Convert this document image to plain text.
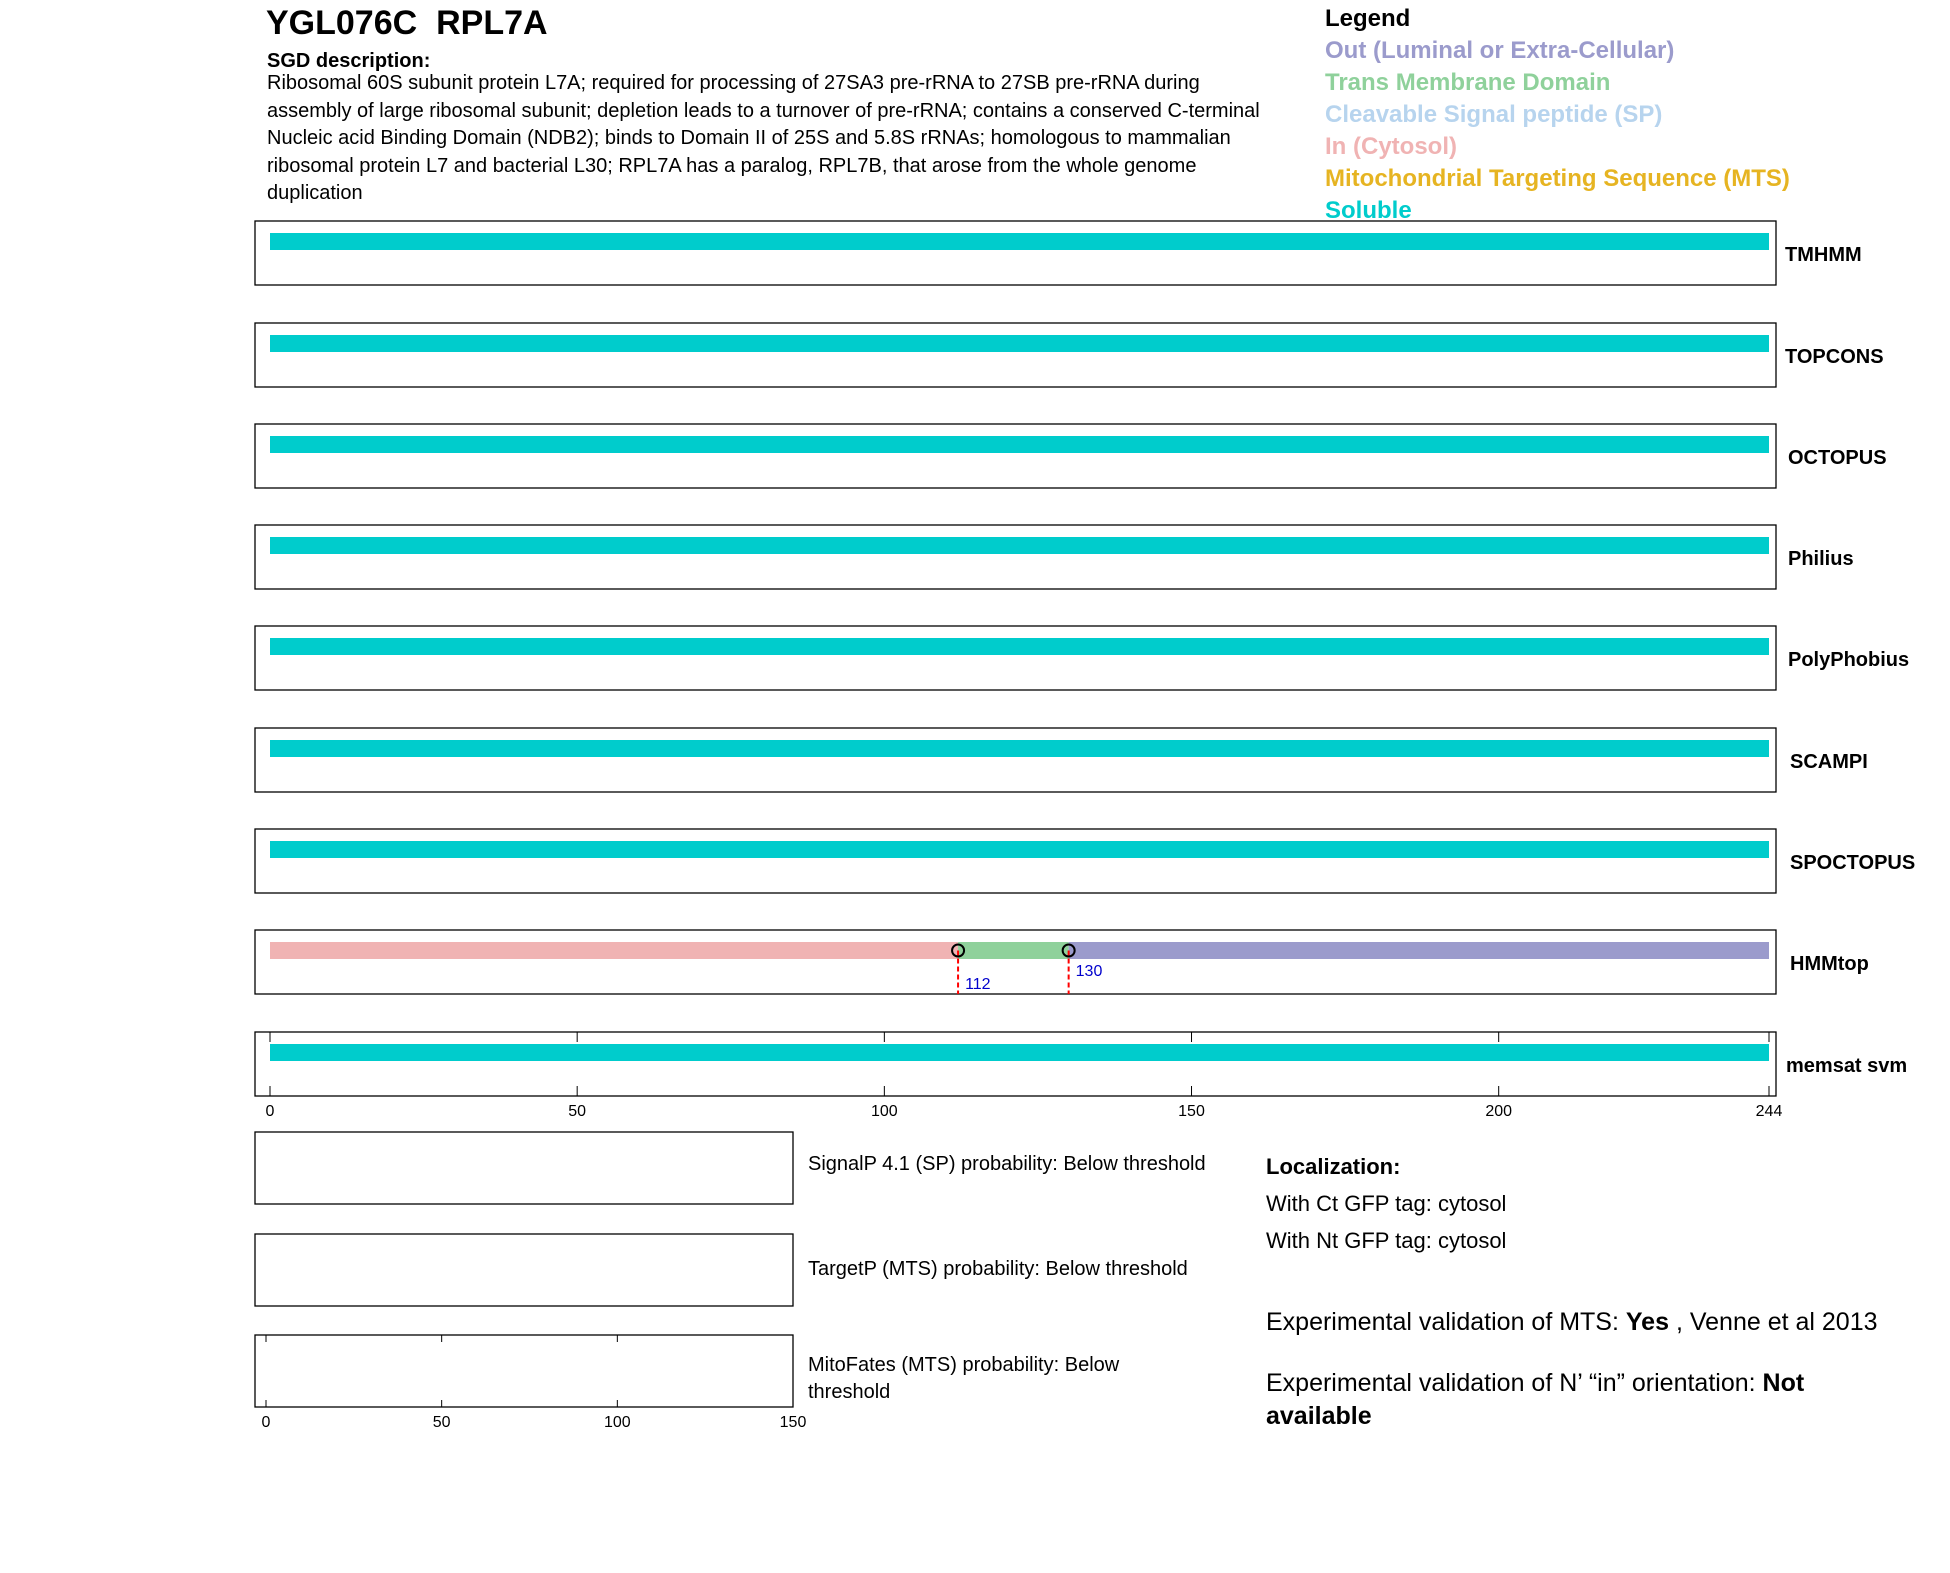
TMHMM
TOPCONS
OCTOPUS
Philius
PolyPhobius
SCAMPI
SPOCTOPUS
HMMtop
112
130
memsat svm
0	50	100	150	200	244
0	50	100	150
YGL076C RPL7A
SGD description:
Ribosomal 60S subunit protein L7A; required for processing of 27SA3 pre-rRNA to 27SB pre-rRNA during assembly of large ribosomal subunit; depletion leads to a turnover of pre-rRNA; contains a conserved C-terminal Nucleic acid Binding Domain (NDB2); binds to Domain II of 25S and 5.8S rRNAs; homologous to mammalian ribosomal protein L7 and bacterial L30; RPL7A has a paralog, RPL7B, that arose from the whole genome duplication
Legend
Out (Luminal or Extra-Cellular)
Trans Membrane Domain
Cleavable Signal peptide (SP)
In (Cytosol)
Mitochondrial Targeting Sequence (MTS)
Soluble
SignalP 4.1 (SP) probability: Below threshold
TargetP (MTS) probability: Below threshold
MitoFates (MTS) probability: Below threshold
Localization:
With Ct GFP tag: cytosol
With Nt GFP tag: cytosol
Experimental validation of MTS: Yes , Venne et al 2013
Experimental validation of N’ “in” orientation: Not available
